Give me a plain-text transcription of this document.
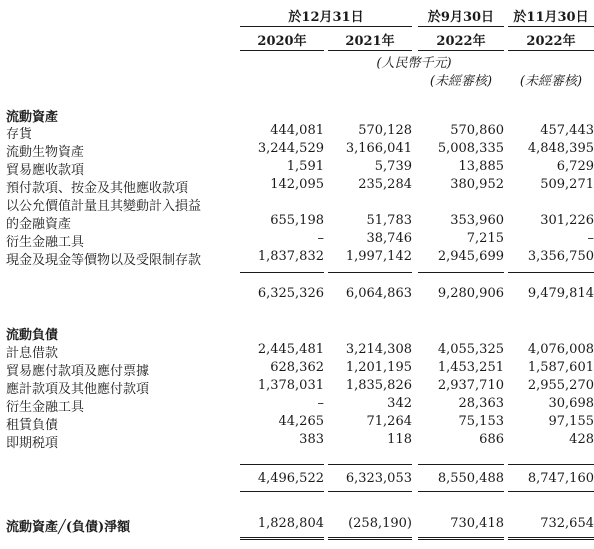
於12月31日	於9月30日	於11月30日
2020年	2021年	2022年	2022年
(人民幣千元)
(未經審核)	(未經審核)
流動資產
存貨	444,081	570,128	570,860	457,443
流動生物資產	3,244,529	3,166,041	5,008,335	4,848,395
貿易應收款項	1,591	5,739	13,885	6,729
預付款項、按金及其他應收款項	142,095	235,284	380,952	509,271
以公允價值計量且其變動計入損益
的金融資產	655,198	51,783	353,960	301,226
衍生金融工具	–	38,746	7,215	–
現金及現金等價物以及受限制存款	1,837,832	1,997,142	2,945,699	3,356,750
6,325,326	6,064,863	9,280,906	9,479,814
流動負債
計息借款	2,445,481	3,214,308	4,055,325	4,076,008
貿易應付款項及應付票據	628,362	1,201,195	1,453,251	1,587,601
應計款項及其他應付款項	1,378,031	1,835,826	2,937,710	2,955,270
衍生金融工具	–	342	28,363	30,698
租賃負債	44,265	71,264	75,153	97,155
即期税項	383	118	686	428
4,496,522	6,323,053	8,550,488	8,747,160
流動資產╱(負債)淨額	1,828,804	(258,190)	730,418	732,654
